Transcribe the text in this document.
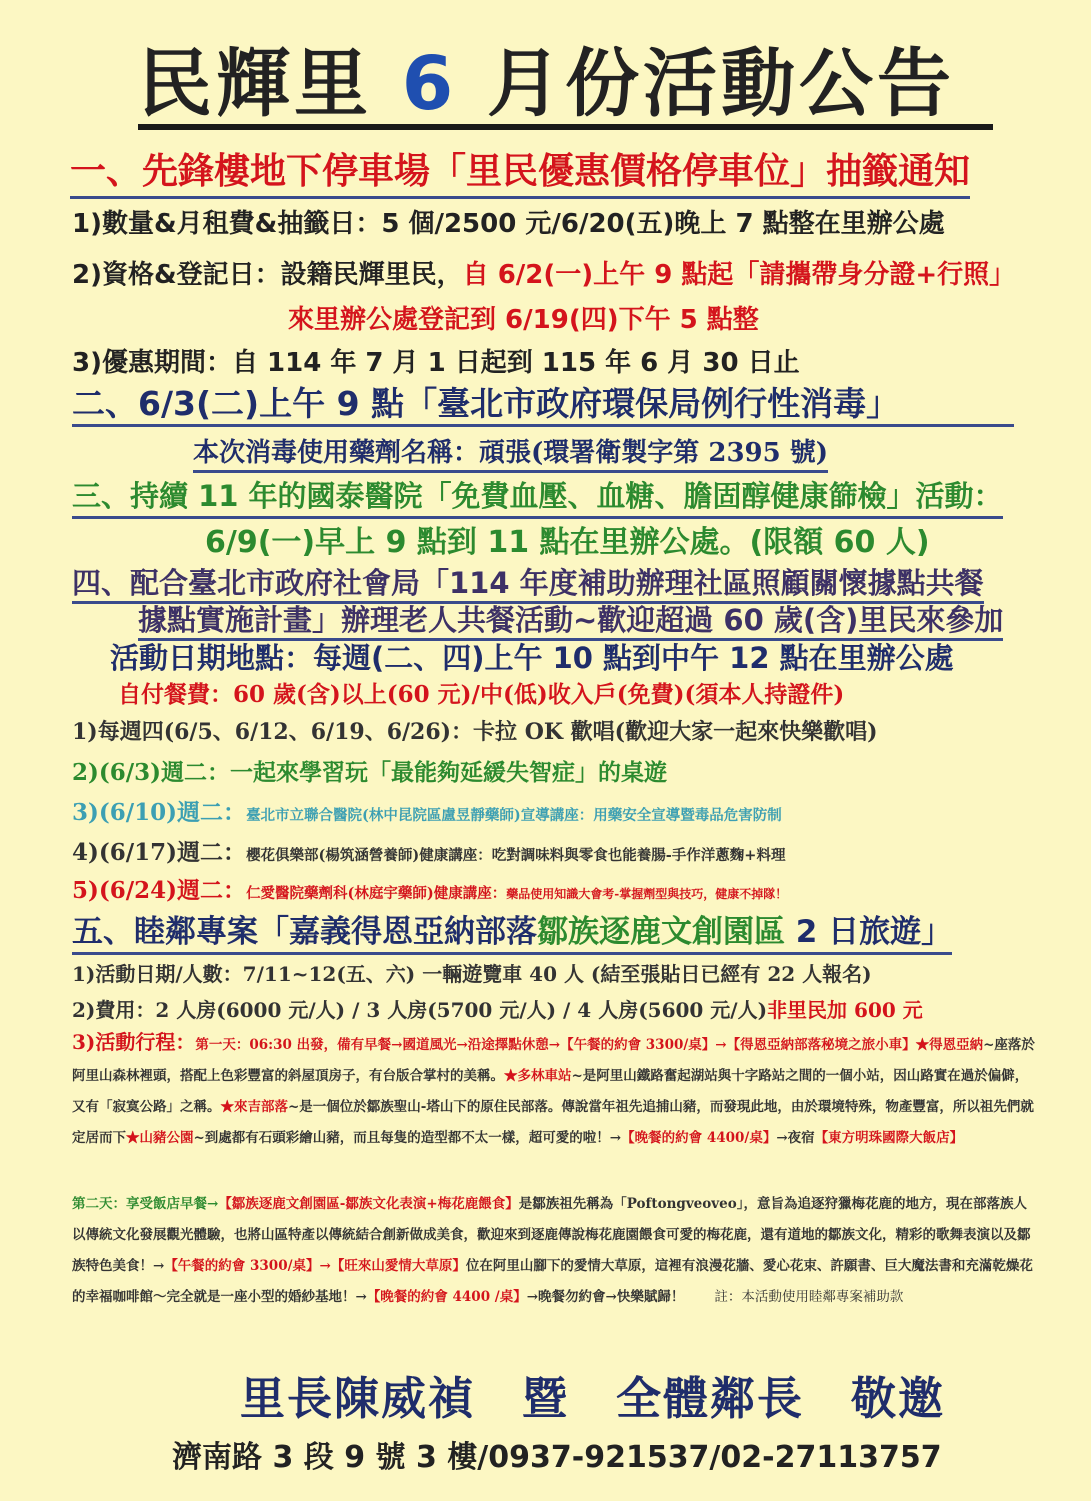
民輝里 6 月份活動公告
一、先鋒樓地下停車場「里民優惠價格停車位」抽籤通知
1)數量&月租費&抽籤日：5 個/2500 元/6/20(五)晚上 7 點整在里辦公處
2)資格&登記日：設籍民輝里民，自 6/2(一)上午 9 點起「請攜帶身分證+行照」
來里辦公處登記到 6/19(四)下午 5 點整
3)優惠期間：自 114 年 7 月 1 日起到 115 年 6 月 30 日止
二、6/3(二)上午 9 點「臺北市政府環保局例行性消毒」
本次消毒使用藥劑名稱：頑張(環署衛製字第 2395 號)
三、持續 11 年的國泰醫院「免費血壓、血糖、膽固醇健康篩檢」活動：
6/9(一)早上 9 點到 11 點在里辦公處。(限額 60 人)
四、配合臺北市政府社會局「114 年度補助辦理社區照顧關懷據點共餐
據點實施計畫」辦理老人共餐活動~歡迎超過 60 歲(含)里民來參加
活動日期地點：每週(二、四)上午 10 點到中午 12 點在里辦公處
自付餐費：60 歲(含)以上(60 元)/中(低)收入戶(免費)(須本人持證件)
1)每週四(6/5、6/12、6/19、6/26)：卡拉 OK 歡唱(歡迎大家一起來快樂歡唱)
2)(6/3)週二：一起來學習玩「最能夠延緩失智症」的桌遊
3)(6/10)週二：臺北市立聯合醫院(林中昆院區盧昱靜藥師)宣導講座：用藥安全宣導暨毒品危害防制
4)(6/17)週二：櫻花俱樂部(楊筑涵營養師)健康講座：吃對調味料與零食也能養腸-手作洋蔥麴+料理
5)(6/24)週二：仁愛醫院藥劑科(林庭宇藥師)健康講座：藥品使用知識大會考-掌握劑型與技巧，健康不掉隊！
五、睦鄰專案「嘉義得恩亞納部落鄒族逐鹿文創園區 2 日旅遊」
1)活動日期/人數：7/11~12(五、六) 一輛遊覽車 40 人 (結至張貼日已經有 22 人報名)
2)費用：2 人房(6000 元/人) / 3 人房(5700 元/人) / 4 人房(5600 元/人)非里民加 600 元
3)活動行程：第一天：06:30 出發，備有早餐→國道風光→沿途擇點休憩→【午餐的約會 3300/桌】→【得恩亞納部落秘境之旅小車】★得恩亞納~座落於阿里山森林裡頭，搭配上色彩豐富的斜屋頂房子，有台版合掌村的美稱。★多林車站~是阿里山鐵路奮起湖站與十字路站之間的一個小站，因山路實在過於偏僻，又有「寂寞公路」之稱。★來吉部落~是一個位於鄒族聖山-塔山下的原住民部落。傳說當年祖先追捕山豬，而發現此地，由於環境特殊，物產豐富，所以祖先們就定居而下★山豬公園~到處都有石頭彩繪山豬，而且每隻的造型都不太一樣，超可愛的啦！→【晚餐的約會 4400/桌】→夜宿【東方明珠國際大飯店】
第二天：享受飯店早餐→【鄒族逐鹿文創園區-鄒族文化表演+梅花鹿餵食】是鄒族祖先稱為「Poftongveoveo」，意旨為追逐狩獵梅花鹿的地方，現在部落族人以傳統文化發展觀光體驗，也將山區特產以傳統結合創新做成美食，歡迎來到逐鹿傳說梅花鹿園餵食可愛的梅花鹿，還有道地的鄒族文化，精彩的歌舞表演以及鄒族特色美食！→【午餐的約會 3300/桌】→【旺來山愛情大草原】位在阿里山腳下的愛情大草原，這裡有浪漫花牆、愛心花束、許願書、巨大魔法書和充滿乾燥花的幸福咖啡館～完全就是一座小型的婚紗基地！→【晚餐的約會 4400 /桌】→晚餐勿約會→快樂賦歸！ 註：本活動使用睦鄰專案補助款
里長陳威禎　暨　全體鄰長　敬邀
濟南路 3 段 9 號 3 樓/0937-921537/02-27113757
